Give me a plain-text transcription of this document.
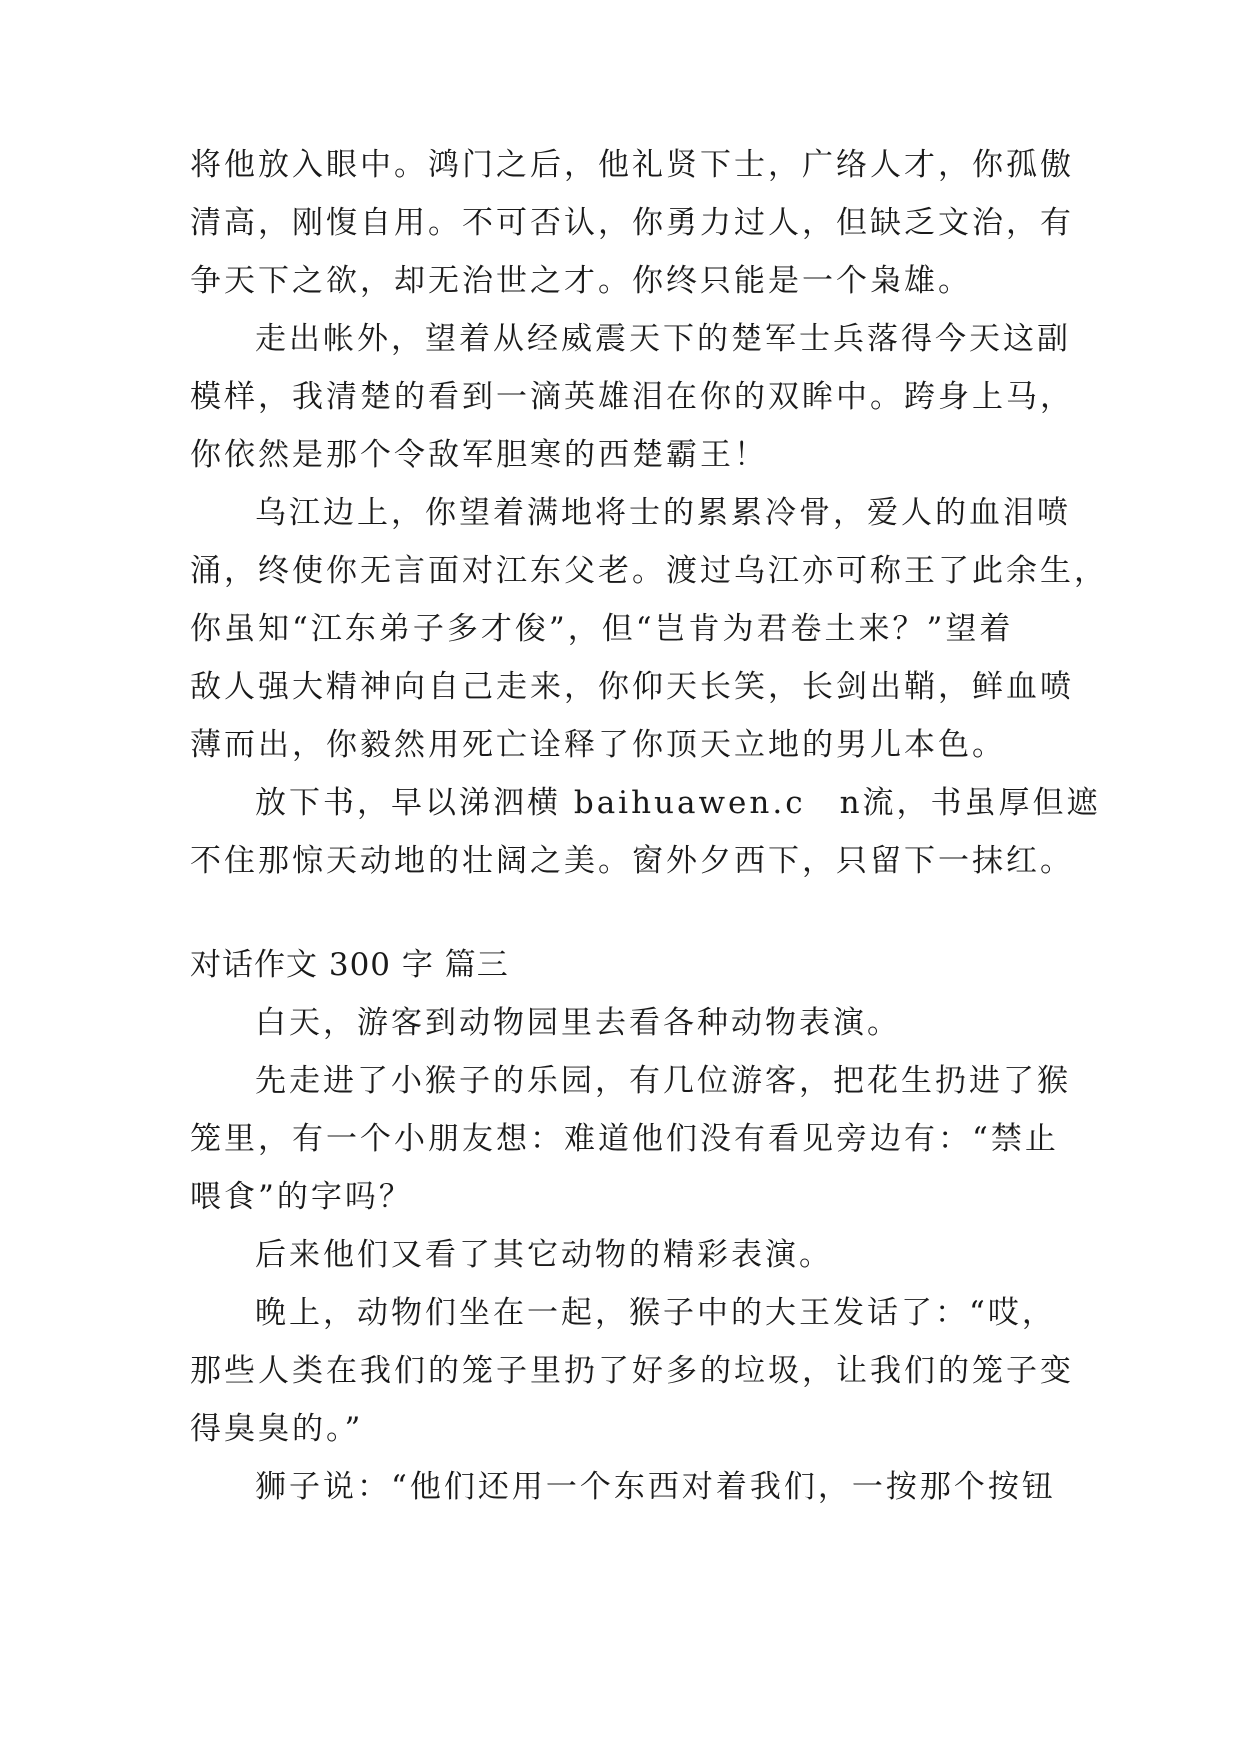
将他放入眼中。鸿门之后，他礼贤下士，广络人才，你孤傲
清高，刚愎自用。不可否认，你勇力过人，但缺乏文治，有
争天下之欲，却无治世之才。你终只能是一个枭雄。
走出帐外，望着从经威震天下的楚军士兵落得今天这副
模样，我清楚的看到一滴英雄泪在你的双眸中。跨身上马，
你依然是那个令敌军胆寒的西楚霸王！
乌江边上，你望着满地将士的累累冷骨，爱人的血泪喷
涌，终使你无言面对江东父老。渡过乌江亦可称王了此余生，
你虽知“江东弟子多才俊”，但“岂肯为君卷土来？”望着
敌人强大精神向自己走来，你仰天长笑，长剑出鞘，鲜血喷
薄而出，你毅然用死亡诠释了你顶天立地的男儿本色。
放下书，早以涕泗横 baihuawen.c　n流，书虽厚但遮
不住那惊天动地的壮阔之美。窗外夕西下，只留下一抹红。
对话作文 300 字 篇三
白天，游客到动物园里去看各种动物表演。
先走进了小猴子的乐园，有几位游客，把花生扔进了猴
笼里，有一个小朋友想：难道他们没有看见旁边有：“禁止
喂食”的字吗？
后来他们又看了其它动物的精彩表演。
晚上，动物们坐在一起，猴子中的大王发话了：“哎，
那些人类在我们的笼子里扔了好多的垃圾，让我们的笼子变
得臭臭的。”
狮子说：“他们还用一个东西对着我们，一按那个按钮
